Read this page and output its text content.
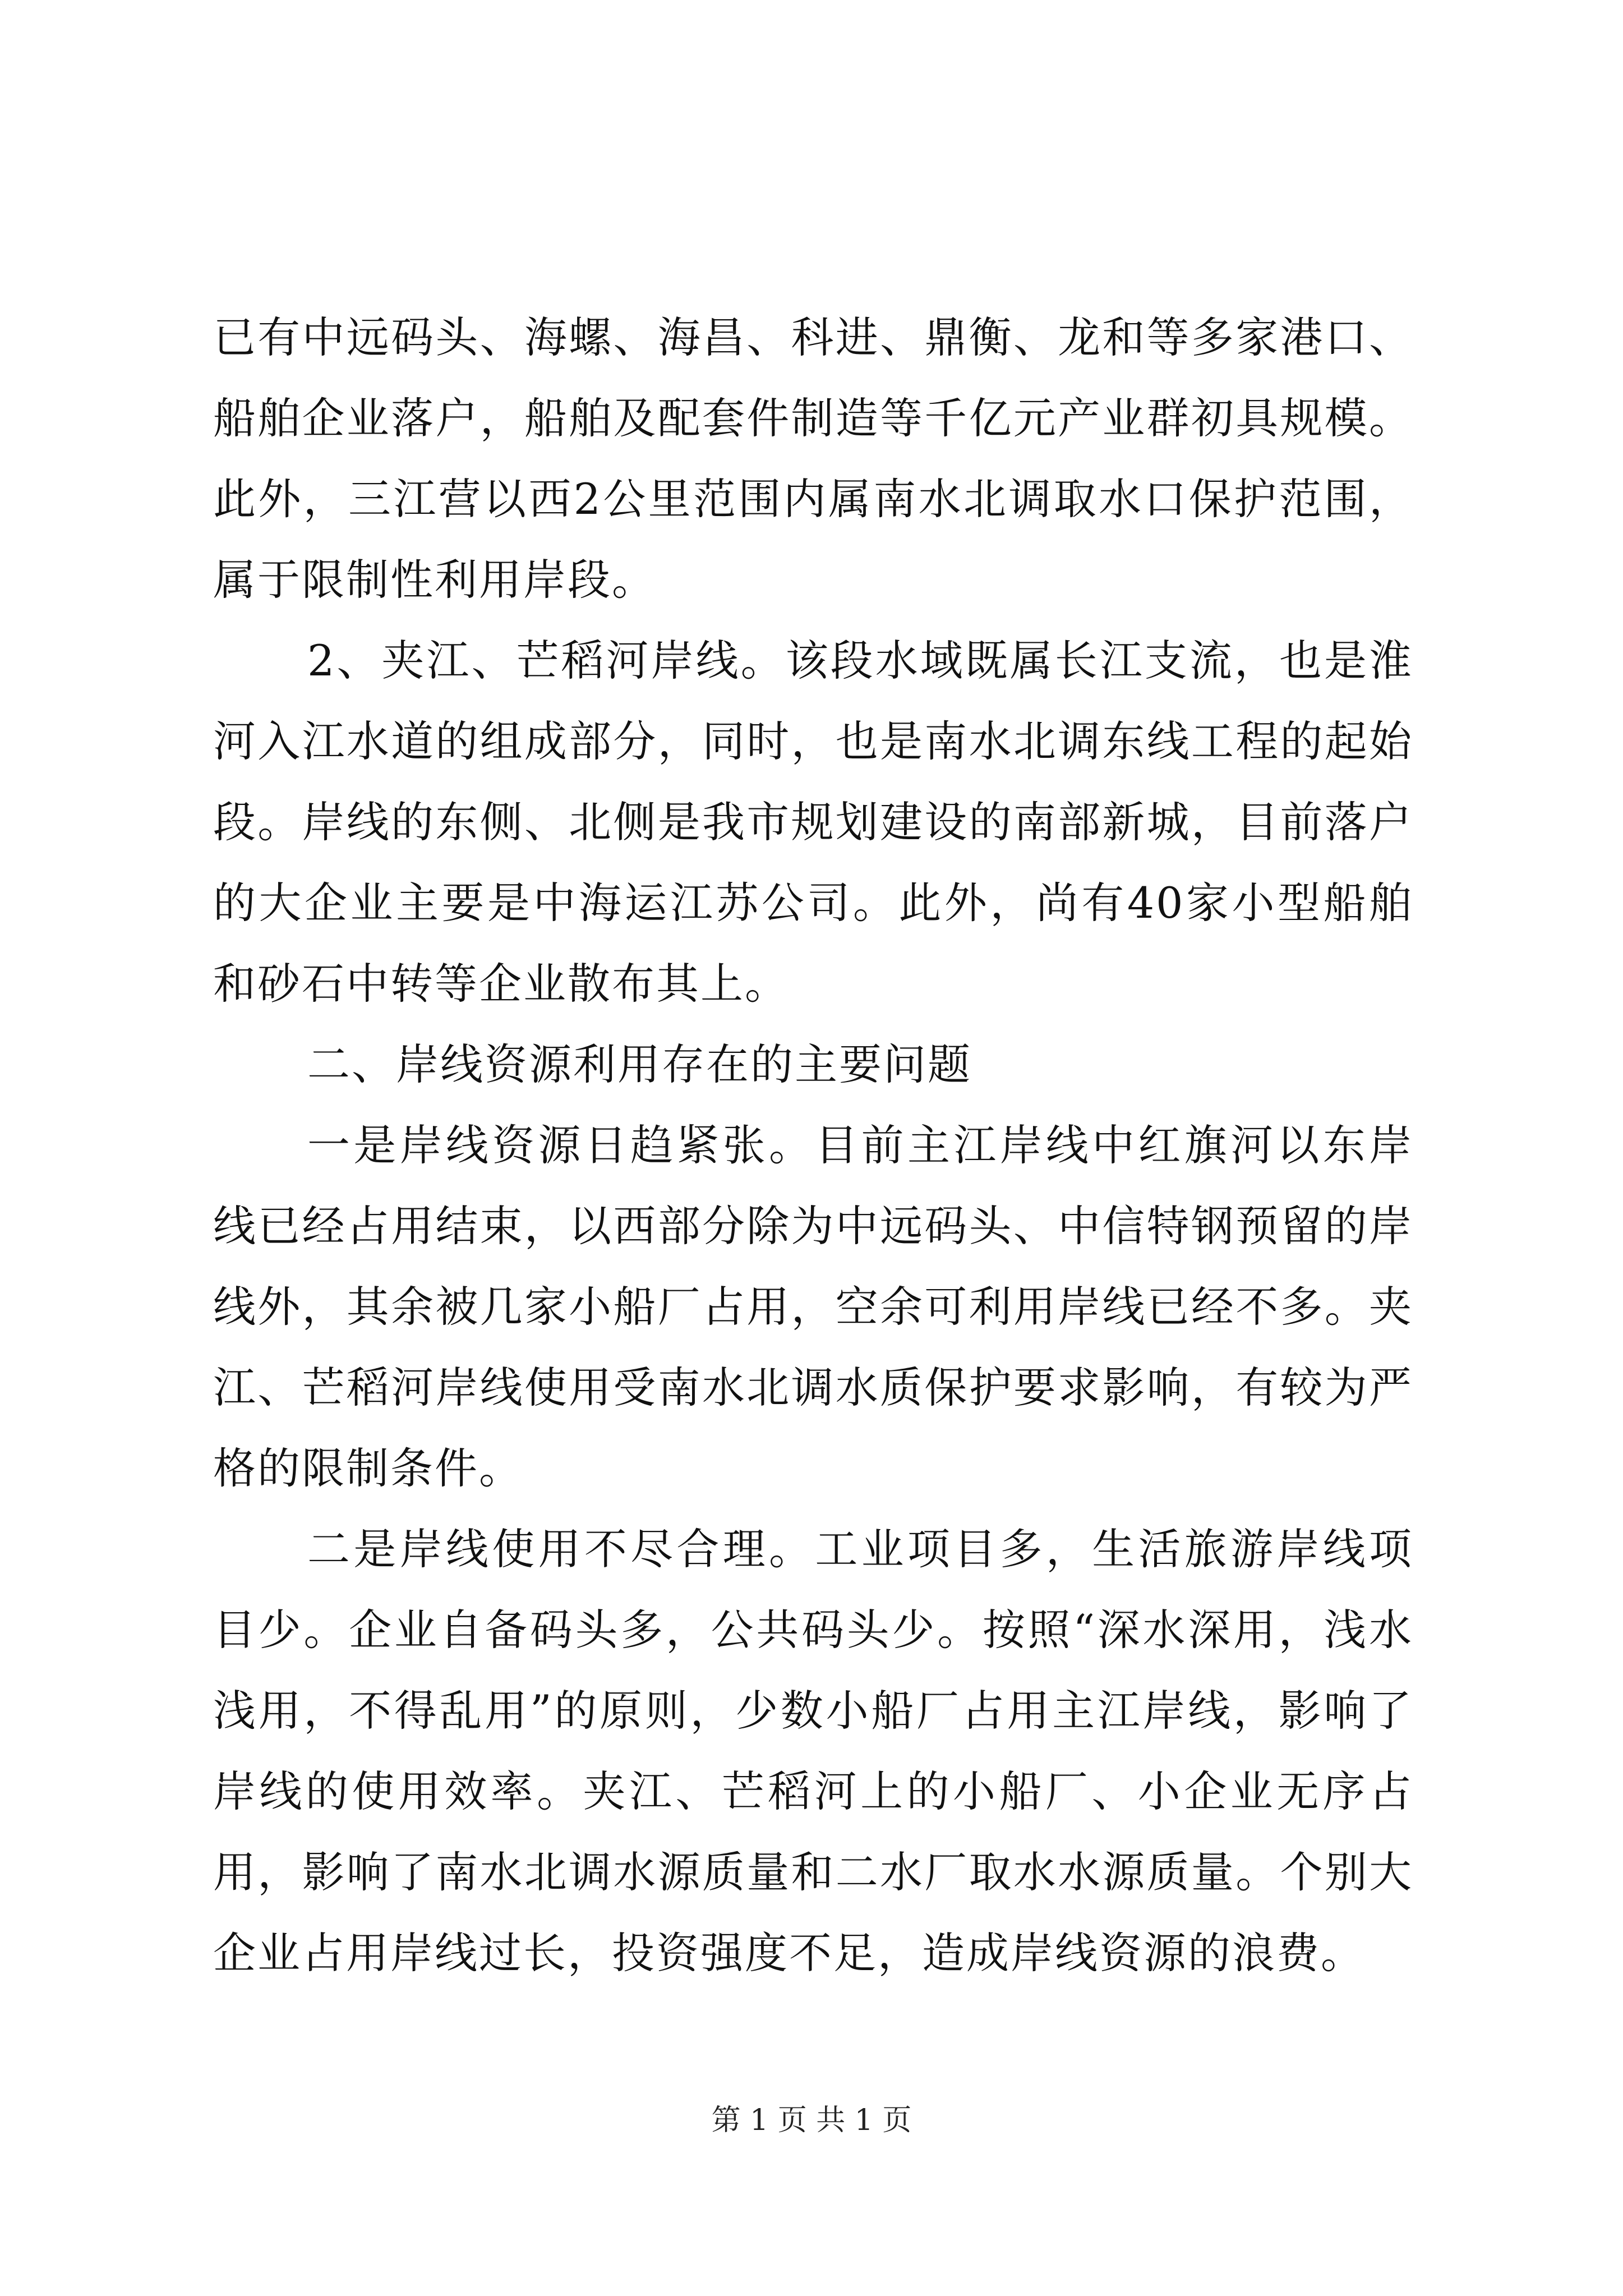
已有中远码头、海螺、海昌、科进、鼎衡、龙和等多家港口、船舶企业落户，船舶及配套件制造等千亿元产业群初具规模。此外，三江营以西2公里范围内属南水北调取水口保护范围，属于限制性利用岸段。

2、夹江、芒稻河岸线。该段水域既属长江支流，也是淮河入江水道的组成部分，同时，也是南水北调东线工程的起始段。岸线的东侧、北侧是我市规划建设的南部新城，目前落户的大企业主要是中海运江苏公司。此外，尚有40家小型船舶和砂石中转等企业散布其上。

二、岸线资源利用存在的主要问题

一是岸线资源日趋紧张。目前主江岸线中红旗河以东岸线已经占用结束，以西部分除为中远码头、中信特钢预留的岸线外，其余被几家小船厂占用，空余可利用岸线已经不多。夹江、芒稻河岸线使用受南水北调水质保护要求影响，有较为严格的限制条件。

二是岸线使用不尽合理。工业项目多，生活旅游岸线项目少。企业自备码头多，公共码头少。按照“深水深用，浅水浅用，不得乱用”的原则，少数小船厂占用主江岸线，影响了岸线的使用效率。夹江、芒稻河上的小船厂、小企业无序占用，影响了南水北调水源质量和二水厂取水水源质量。个别大企业占用岸线过长，投资强度不足，造成岸线资源的浪费。

第 1 页 共 1 页
